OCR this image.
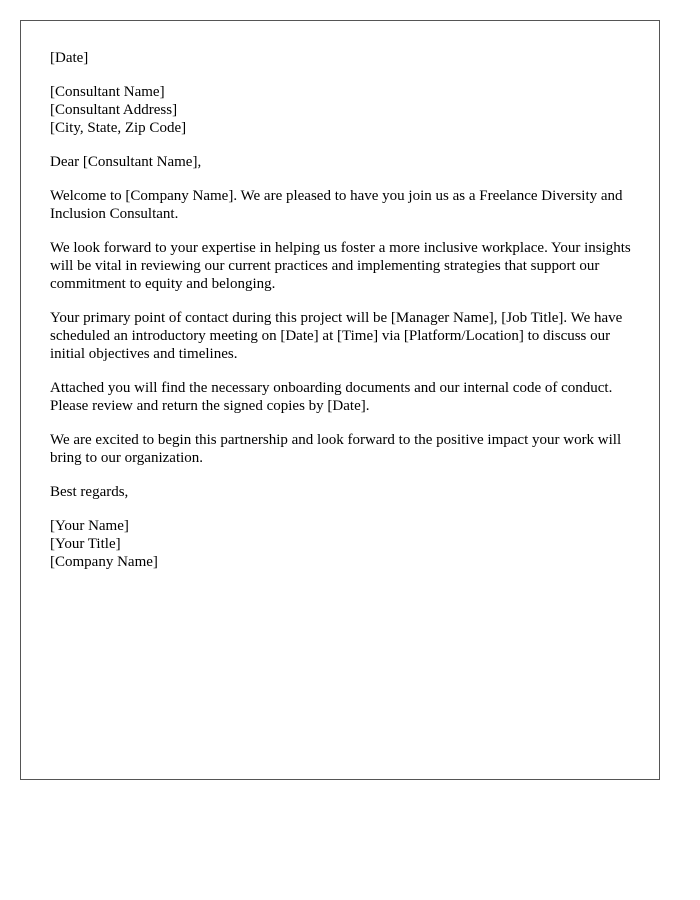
[Date]

[Consultant Name]
[Consultant Address]
[City, State, Zip Code]

Dear [Consultant Name],

Welcome to [Company Name]. We are pleased to have you join us as a Freelance Diversity and Inclusion Consultant.

We look forward to your expertise in helping us foster a more inclusive workplace. Your insights will be vital in reviewing our current practices and implementing strategies that support our commitment to equity and belonging.

Your primary point of contact during this project will be [Manager Name], [Job Title]. We have scheduled an introductory meeting on [Date] at [Time] via [Platform/Location] to discuss our initial objectives and timelines.

Attached you will find the necessary onboarding documents and our internal code of conduct. Please review and return the signed copies by [Date].

We are excited to begin this partnership and look forward to the positive impact your work will bring to our organization.

Best regards,

[Your Name]
[Your Title]
[Company Name]
